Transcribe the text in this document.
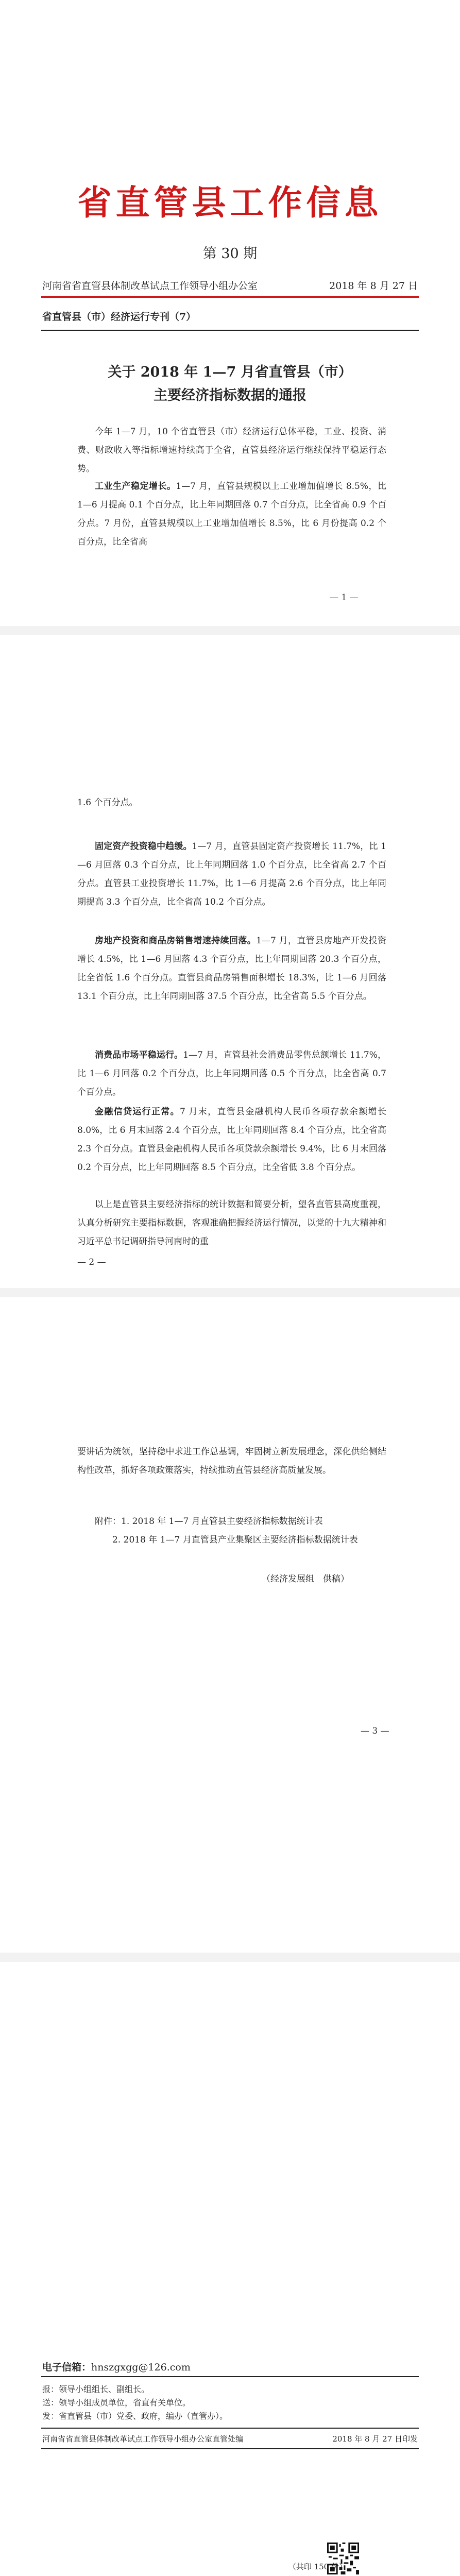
省直管县工作信息
第 30 期
河南省省直管县体制改革试点工作领导小组办公室	2018 年 8 月 27 日
省直管县（市）经济运行专刊（7）
关于 2018 年 1—7 月省直管县（市）
主要经济指标数据的通报
今年 1—7 月，10 个省直管县（市）经济运行总体平稳，工业、投资、消费、财政收入等指标增速持续高于全省，直管县经济运行继续保持平稳运行态势。
工业生产稳定增长。1—7 月，直管县规模以上工业增加值增长 8.5%，比 1—6 月提高 0.1 个百分点，比上年同期回落 0.7 个百分点，比全省高 0.9 个百分点。7 月份，直管县规模以上工业增加值增长 8.5%，比 6 月份提高 0.2 个百分点，比全省高
— 1 —
1.6 个百分点。
固定资产投资稳中趋缓。1—7 月，直管县固定资产投资增长 11.7%，比 1—6 月回落 0.3 个百分点，比上年同期回落 1.0 个百分点，比全省高 2.7 个百分点。直管县工业投资增长 11.7%，比 1—6 月提高 2.6 个百分点，比上年同期提高 3.3 个百分点，比全省高 10.2 个百分点。
房地产投资和商品房销售增速持续回落。1—7 月，直管县房地产开发投资增长 4.5%，比 1—6 月回落 4.3 个百分点，比上年同期回落 20.3 个百分点，比全省低 1.6 个百分点。直管县商品房销售面积增长 18.3%，比 1—6 月回落 13.1 个百分点，比上年同期回落 37.5 个百分点，比全省高 5.5 个百分点。
消费品市场平稳运行。1—7 月，直管县社会消费品零售总额增长 11.7%，比 1—6 月回落 0.2 个百分点，比上年同期回落 0.5 个百分点，比全省高 0.7 个百分点。
金融信贷运行正常。7 月末，直管县金融机构人民币各项存款余额增长 8.0%，比 6 月末回落 2.4 个百分点，比上年同期回落 8.4 个百分点，比全省高 2.3 个百分点。直管县金融机构人民币各项贷款余额增长 9.4%，比 6 月末回落 0.2 个百分点，比上年同期回落 8.5 个百分点，比全省低 3.8 个百分点。
以上是直管县主要经济指标的统计数据和简要分析，望各直管县高度重视，认真分析研究主要指标数据，客观准确把握经济运行情况，以党的十九大精神和习近平总书记调研指导河南时的重
— 2 —
要讲话为统领，坚持稳中求进工作总基调，牢固树立新发展理念，深化供给侧结构性改革，抓好各项政策落实，持续推动直管县经济高质量发展。
附件：1. 2018 年 1—7 月直管县主要经济指标数据统计表
2. 2018 年 1—7 月直管县产业集聚区主要经济指标数据统计表
（经济发展组　供稿）
— 3 —
电子信箱：hnszgxgg@126.com
报：领导小组组长、副组长。
送：领导小组成员单位，省直有关单位。
发：省直管县（市）党委、政府，编办（直管办）。
河南省省直管县体制改革试点工作领导小组办公室直管处编	2018 年 8 月 27 日印发
（共印 150 份）
